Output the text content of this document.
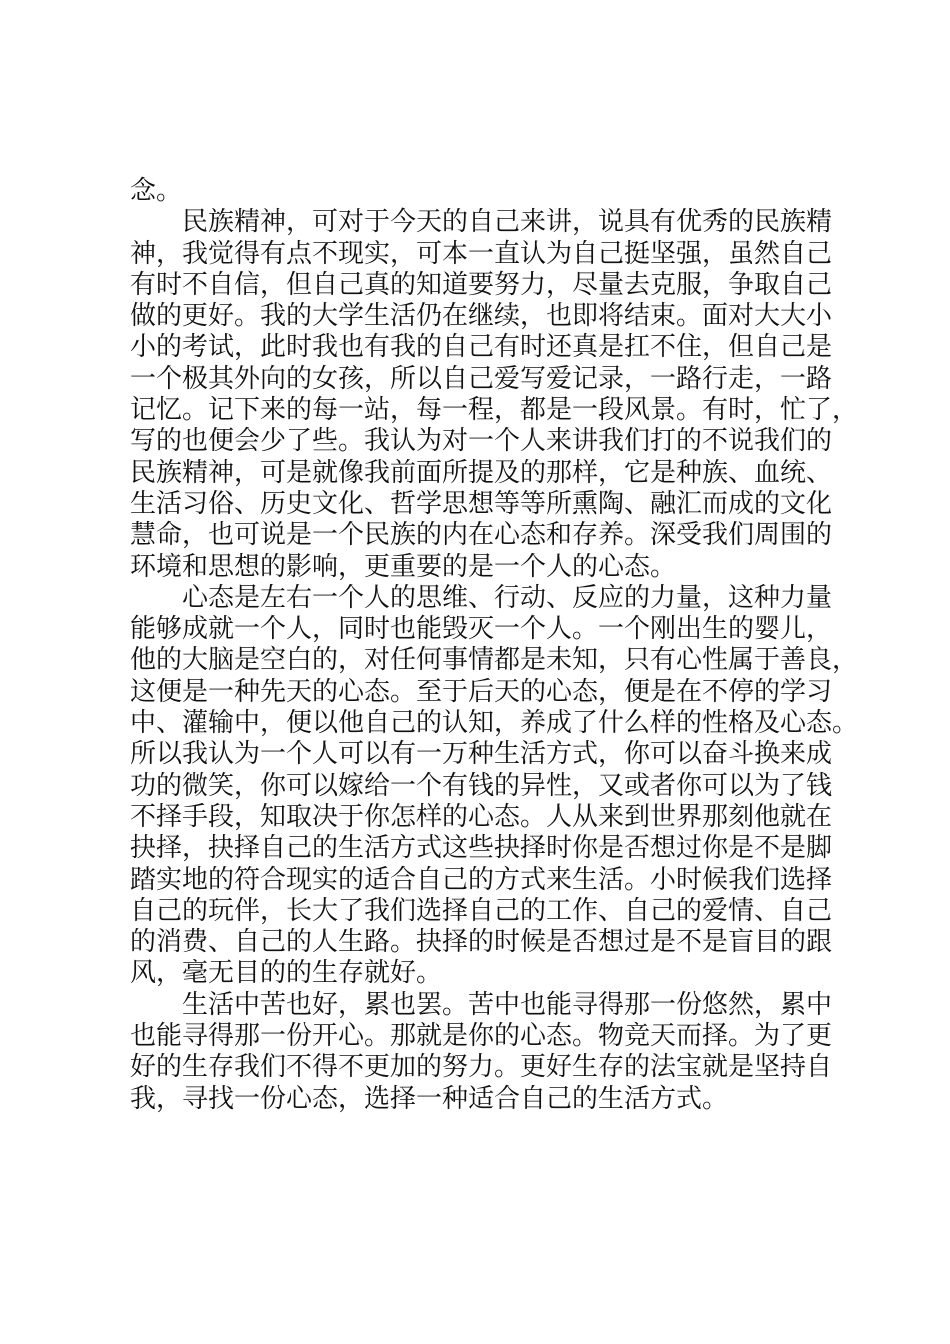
念。
民族精神，可对于今天的自己来讲，说具有优秀的民族精
神，我觉得有点不现实，可本一直认为自己挺坚强，虽然自己
有时不自信，但自己真的知道要努力，尽量去克服，争取自己
做的更好。我的大学生活仍在继续，也即将结束。面对大大小
小的考试，此时我也有我的自己有时还真是扛不住，但自己是
一个极其外向的女孩，所以自己爱写爱记录，一路行走，一路
记忆。记下来的每一站，每一程，都是一段风景。有时，忙了，
写的也便会少了些。我认为对一个人来讲我们打的不说我们的
民族精神，可是就像我前面所提及的那样，它是种族、血统、
生活习俗、历史文化、哲学思想等等所熏陶、融汇而成的文化
慧命，也可说是一个民族的内在心态和存养。深受我们周围的
环境和思想的影响，更重要的是一个人的心态。
心态是左右一个人的思维、行动、反应的力量，这种力量
能够成就一个人，同时也能毁灭一个人。一个刚出生的婴儿，
他的大脑是空白的，对任何事情都是未知，只有心性属于善良，
这便是一种先天的心态。至于后天的心态，便是在不停的学习
中、灌输中，便以他自己的认知，养成了什么样的性格及心态。
所以我认为一个人可以有一万种生活方式，你可以奋斗换来成
功的微笑，你可以嫁给一个有钱的异性，又或者你可以为了钱
不择手段，知取决于你怎样的心态。人从来到世界那刻他就在
抉择，抉择自己的生活方式这些抉择时你是否想过你是不是脚
踏实地的符合现实的适合自己的方式来生活。小时候我们选择
自己的玩伴，长大了我们选择自己的工作、自己的爱情、自己
的消费、自己的人生路。抉择的时候是否想过是不是盲目的跟
风，毫无目的的生存就好。
生活中苦也好，累也罢。苦中也能寻得那一份悠然，累中
也能寻得那一份开心。那就是你的心态。物竞天而择。为了更
好的生存我们不得不更加的努力。更好生存的法宝就是坚持自
我，寻找一份心态，选择一种适合自己的生活方式。
